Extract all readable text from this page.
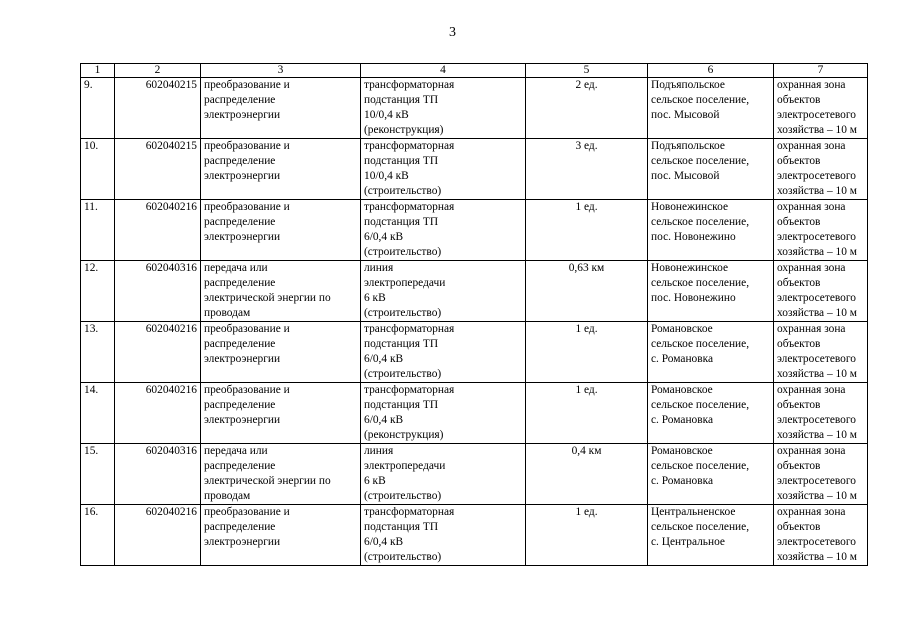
3
1	2	3	4	5	6	7
9.	602040215	преобразование и
распределение
электроэнергии	трансформаторная
подстанция ТП
10/0,4 кВ
(реконструкция)	2 ед.	Подъяпольское
сельское поселение,
пос. Мысовой	охранная зона
объектов
электросетевого
хозяйства – 10 м
10.	602040215	преобразование и
распределение
электроэнергии	трансформаторная
подстанция ТП
10/0,4 кВ
(строительство)	3 ед.	Подъяпольское
сельское поселение,
пос. Мысовой	охранная зона
объектов
электросетевого
хозяйства – 10 м
11.	602040216	преобразование и
распределение
электроэнергии	трансформаторная
подстанция ТП
6/0,4 кВ
(строительство)	1 ед.	Новонежинское
сельское поселение,
пос. Новонежино	охранная зона
объектов
электросетевого
хозяйства – 10 м
12.	602040316	передача или
распределение
электрической энергии по
проводам	линия
электропередачи
6 кВ
(строительство)	0,63 км	Новонежинское
сельское поселение,
пос. Новонежино	охранная зона
объектов
электросетевого
хозяйства – 10 м
13.	602040216	преобразование и
распределение
электроэнергии	трансформаторная
подстанция ТП
6/0,4 кВ
(строительство)	1 ед.	Романовское
сельское поселение,
с. Романовка	охранная зона
объектов
электросетевого
хозяйства – 10 м
14.	602040216	преобразование и
распределение
электроэнергии	трансформаторная
подстанция ТП
6/0,4 кВ
(реконструкция)	1 ед.	Романовское
сельское поселение,
с. Романовка	охранная зона
объектов
электросетевого
хозяйства – 10 м
15.	602040316	передача или
распределение
электрической энергии по
проводам	линия
электропередачи
6 кВ
(строительство)	0,4 км	Романовское
сельское поселение,
с. Романовка	охранная зона
объектов
электросетевого
хозяйства – 10 м
16.	602040216	преобразование и
распределение
электроэнергии	трансформаторная
подстанция ТП
6/0,4 кВ
(строительство)	1 ед.	Центральненское
сельское поселение,
с. Центральное	охранная зона
объектов
электросетевого
хозяйства – 10 м
